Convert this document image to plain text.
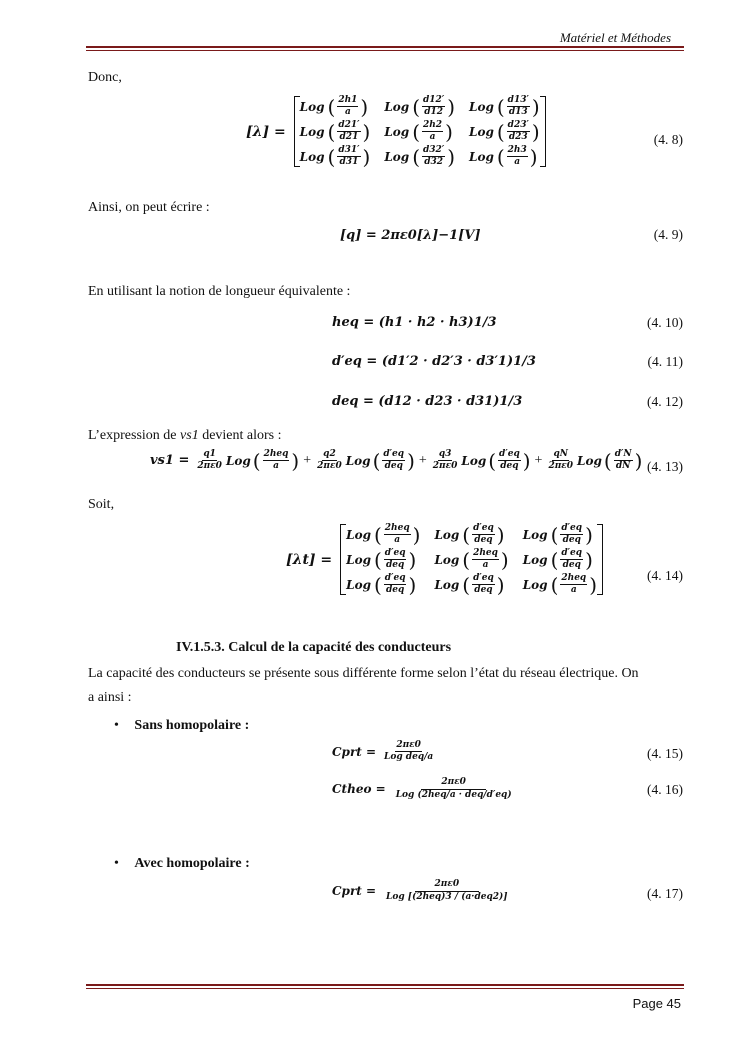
Matériel et Méthodes
Donc,
[λ] =
Log ( $\frac{2h1}{a}$ ) Log ( $\frac{d12'}{d12}$ ) Log ( $\frac{d13'}{d13}$ )
Log ( $\frac{d21'}{d21}$ ) Log ( $\frac{2h2}{a}$ ) Log ( $\frac{d23'}{d23}$ )
Log ( $\frac{d31'}{d31}$ ) Log ( $\frac{d32'}{d32}$ ) Log ( $\frac{2h3}{a}$ )
(4. 8)
Ainsi, on peut écrire :
[q] = 2πε0[λ]−1[V]	(4. 9)
En utilisant la notion de longueur équivalente :
heq = (h1 · h2 · h3)1/3	(4. 10)
d′eq = (d1′2 · d2′3 · d3′1)1/3	(4. 11)
deq = (d12 · d23 · d31)1/3	(4. 12)
L’expression de vs1 devient alors :
$vs1 = \frac{q1}{2\pi\varepsilon 0}$ Log ( $\frac{\text{2heq}}{a}$ ) + $\frac{q2}{2\pi\varepsilon 0}$ Log ( $\frac{d'eq}{\text{deq}}$ ) + $\frac{q3}{2\pi\varepsilon 0}$ Log ( $\frac{d'eq}{\text{deq}}$ ) + $\frac{qN}{2\pi\varepsilon 0}$ Log ( $\frac{d'N}{dN}$ ) (4. 13)
Soit,
[λt] =
Log ( $\frac{\text{2heq}}{a}$ ) Log ( $\frac{d'eq}{\text{deq}}$ ) Log ( $\frac{d'eq}{\text{deq}}$ )
Log ( $\frac{d'eq}{\text{deq}}$ ) Log ( $\frac{\text{2heq}}{a}$ ) Log ( $\frac{d'eq}{\text{deq}}$ )
Log ( $\frac{d'eq}{\text{deq}}$ ) Log ( $\frac{d'eq}{\text{deq}}$ ) Log ( $\frac{\text{2heq}}{a}$ )	(4. 14)
IV.1.5.3. Calcul de la capacité des conducteurs
La capacité des conducteurs se présente sous différente forme selon l’état du réseau électrique. On
a ainsi :
• Sans homopolaire :
Cprt = $\frac{2\pi\varepsilon 0}{\text{Log deq/a}}$	(4. 15)
Ctheo = $\frac{2\pi\varepsilon 0}{\text{Log (2heq/a · deq/d′eq)}}$	(4. 16)
• Avec homopolaire :
Cprt = $\frac{2\pi\varepsilon 0}{\text{Log [(2heq)3 / (a·deq2)]}}$	(4. 17)
Page 45
